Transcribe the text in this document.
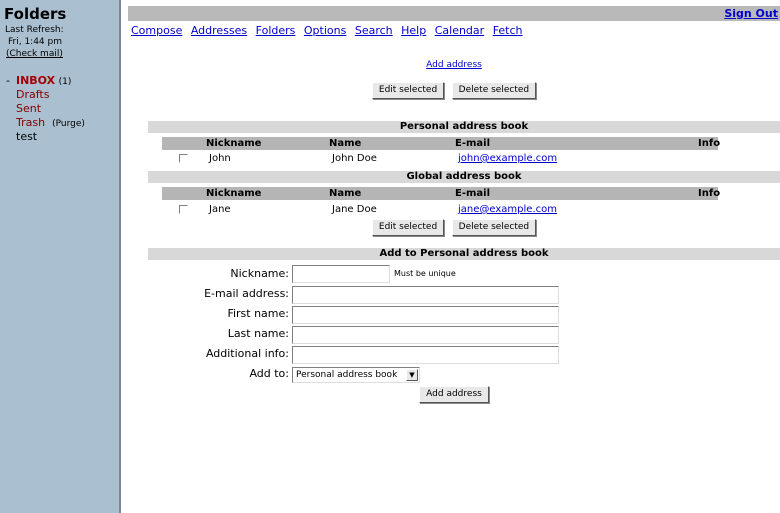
Folders
Last Refresh:
Fri, 1:44 pm
(Check mail)
- INBOX (1)
Drafts
Sent
Trash (Purge)
test
Sign Out
Compose Addresses Folders Options Search Help Calendar Fetch
Add address
Edit selected Delete selected
Personal address book
Nickname	Name	E-mail	Info
John	John Doe	john@example.com
Global address book
Nickname	Name	E-mail	Info
Jane	Jane Doe	jane@example.com
Edit selected Delete selected
Add to Personal address book
Nickname:	Must be unique
E-mail address:
First name:
Last name:
Additional info:
Add to: Personal address book	▼
Add address
